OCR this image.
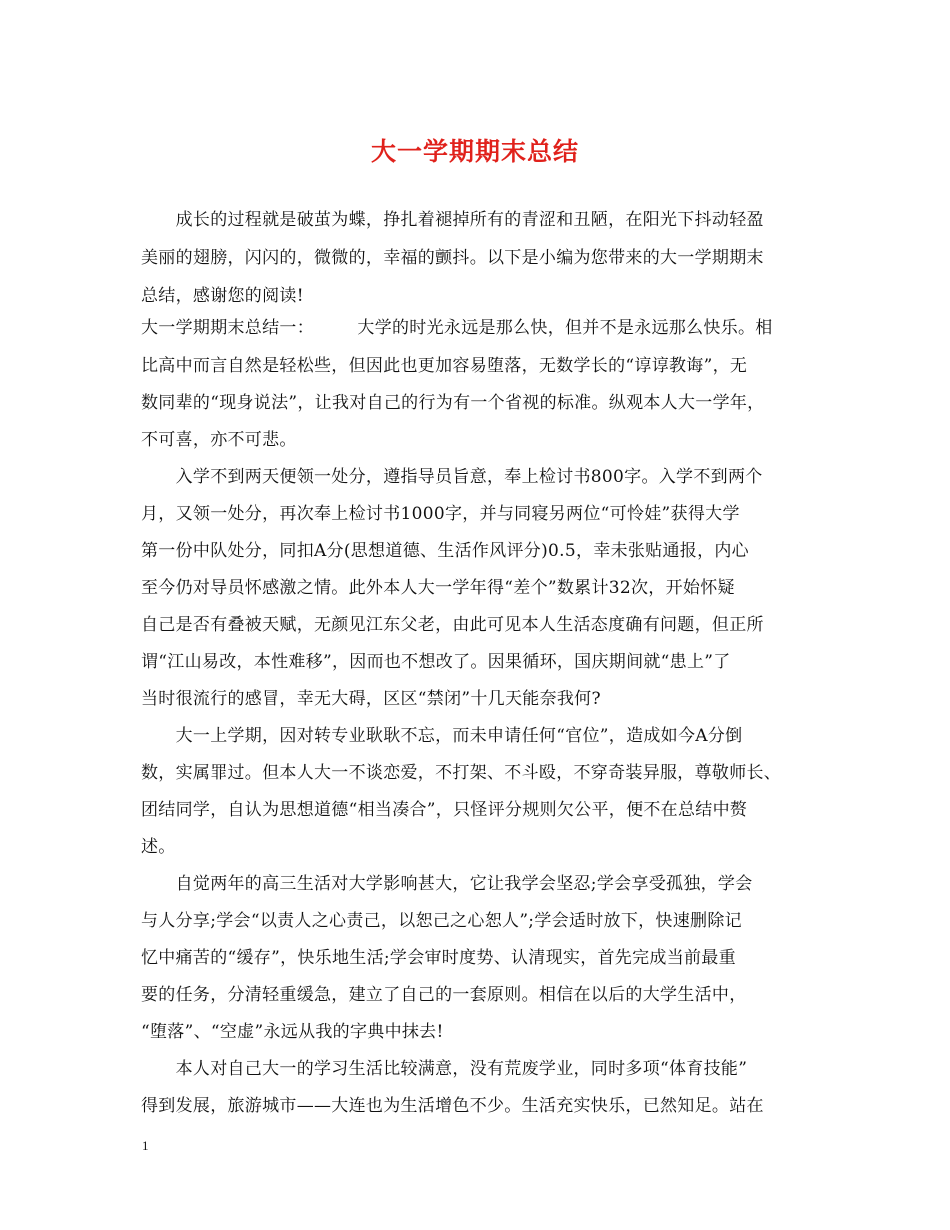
大一学期期末总结
　　成长的过程就是破茧为蝶，挣扎着褪掉所有的青涩和丑陋，在阳光下抖动轻盈
美丽的翅膀，闪闪的，微微的，幸福的颤抖。以下是小编为您带来的大一学期期末
总结，感谢您的阅读!
大一学期期末总结一：　　　大学的时光永远是那么快，但并不是永远那么快乐。相
比高中而言自然是轻松些，但因此也更加容易堕落，无数学长的“谆谆教诲”，无
数同辈的“现身说法”，让我对自己的行为有一个省视的标准。纵观本人大一学年，
不可喜，亦不可悲。
　　入学不到两天便领一处分，遵指导员旨意，奉上检讨书800字。入学不到两个
月，又领一处分，再次奉上检讨书1000字，并与同寝另两位“可怜娃”获得大学
第一份中队处分，同扣A分(思想道德、生活作风评分)0.5，幸未张贴通报，内心
至今仍对导员怀感激之情。此外本人大一学年得“差个”数累计32次，开始怀疑
自己是否有叠被天赋，无颜见江东父老，由此可见本人生活态度确有问题，但正所
谓“江山易改，本性难移”，因而也不想改了。因果循环，国庆期间就“患上”了
当时很流行的感冒，幸无大碍，区区“禁闭”十几天能奈我何?
　　大一上学期，因对转专业耿耿不忘，而未申请任何“官位”，造成如今A分倒
数，实属罪过。但本人大一不谈恋爱，不打架、不斗殴，不穿奇装异服，尊敬师长、
团结同学，自认为思想道德“相当凑合”，只怪评分规则欠公平，便不在总结中赘
述。
　　自觉两年的高三生活对大学影响甚大，它让我学会坚忍;学会享受孤独，学会
与人分享;学会“以责人之心责己，以恕己之心恕人”;学会适时放下，快速删除记
忆中痛苦的“缓存”，快乐地生活;学会审时度势、认清现实，首先完成当前最重
要的任务，分清轻重缓急，建立了自己的一套原则。相信在以后的大学生活中，
“堕落”、“空虚”永远从我的字典中抹去!
　　本人对自己大一的学习生活比较满意，没有荒废学业，同时多项“体育技能”
得到发展，旅游城市——大连也为生活增色不少。生活充实快乐，已然知足。站在
1
